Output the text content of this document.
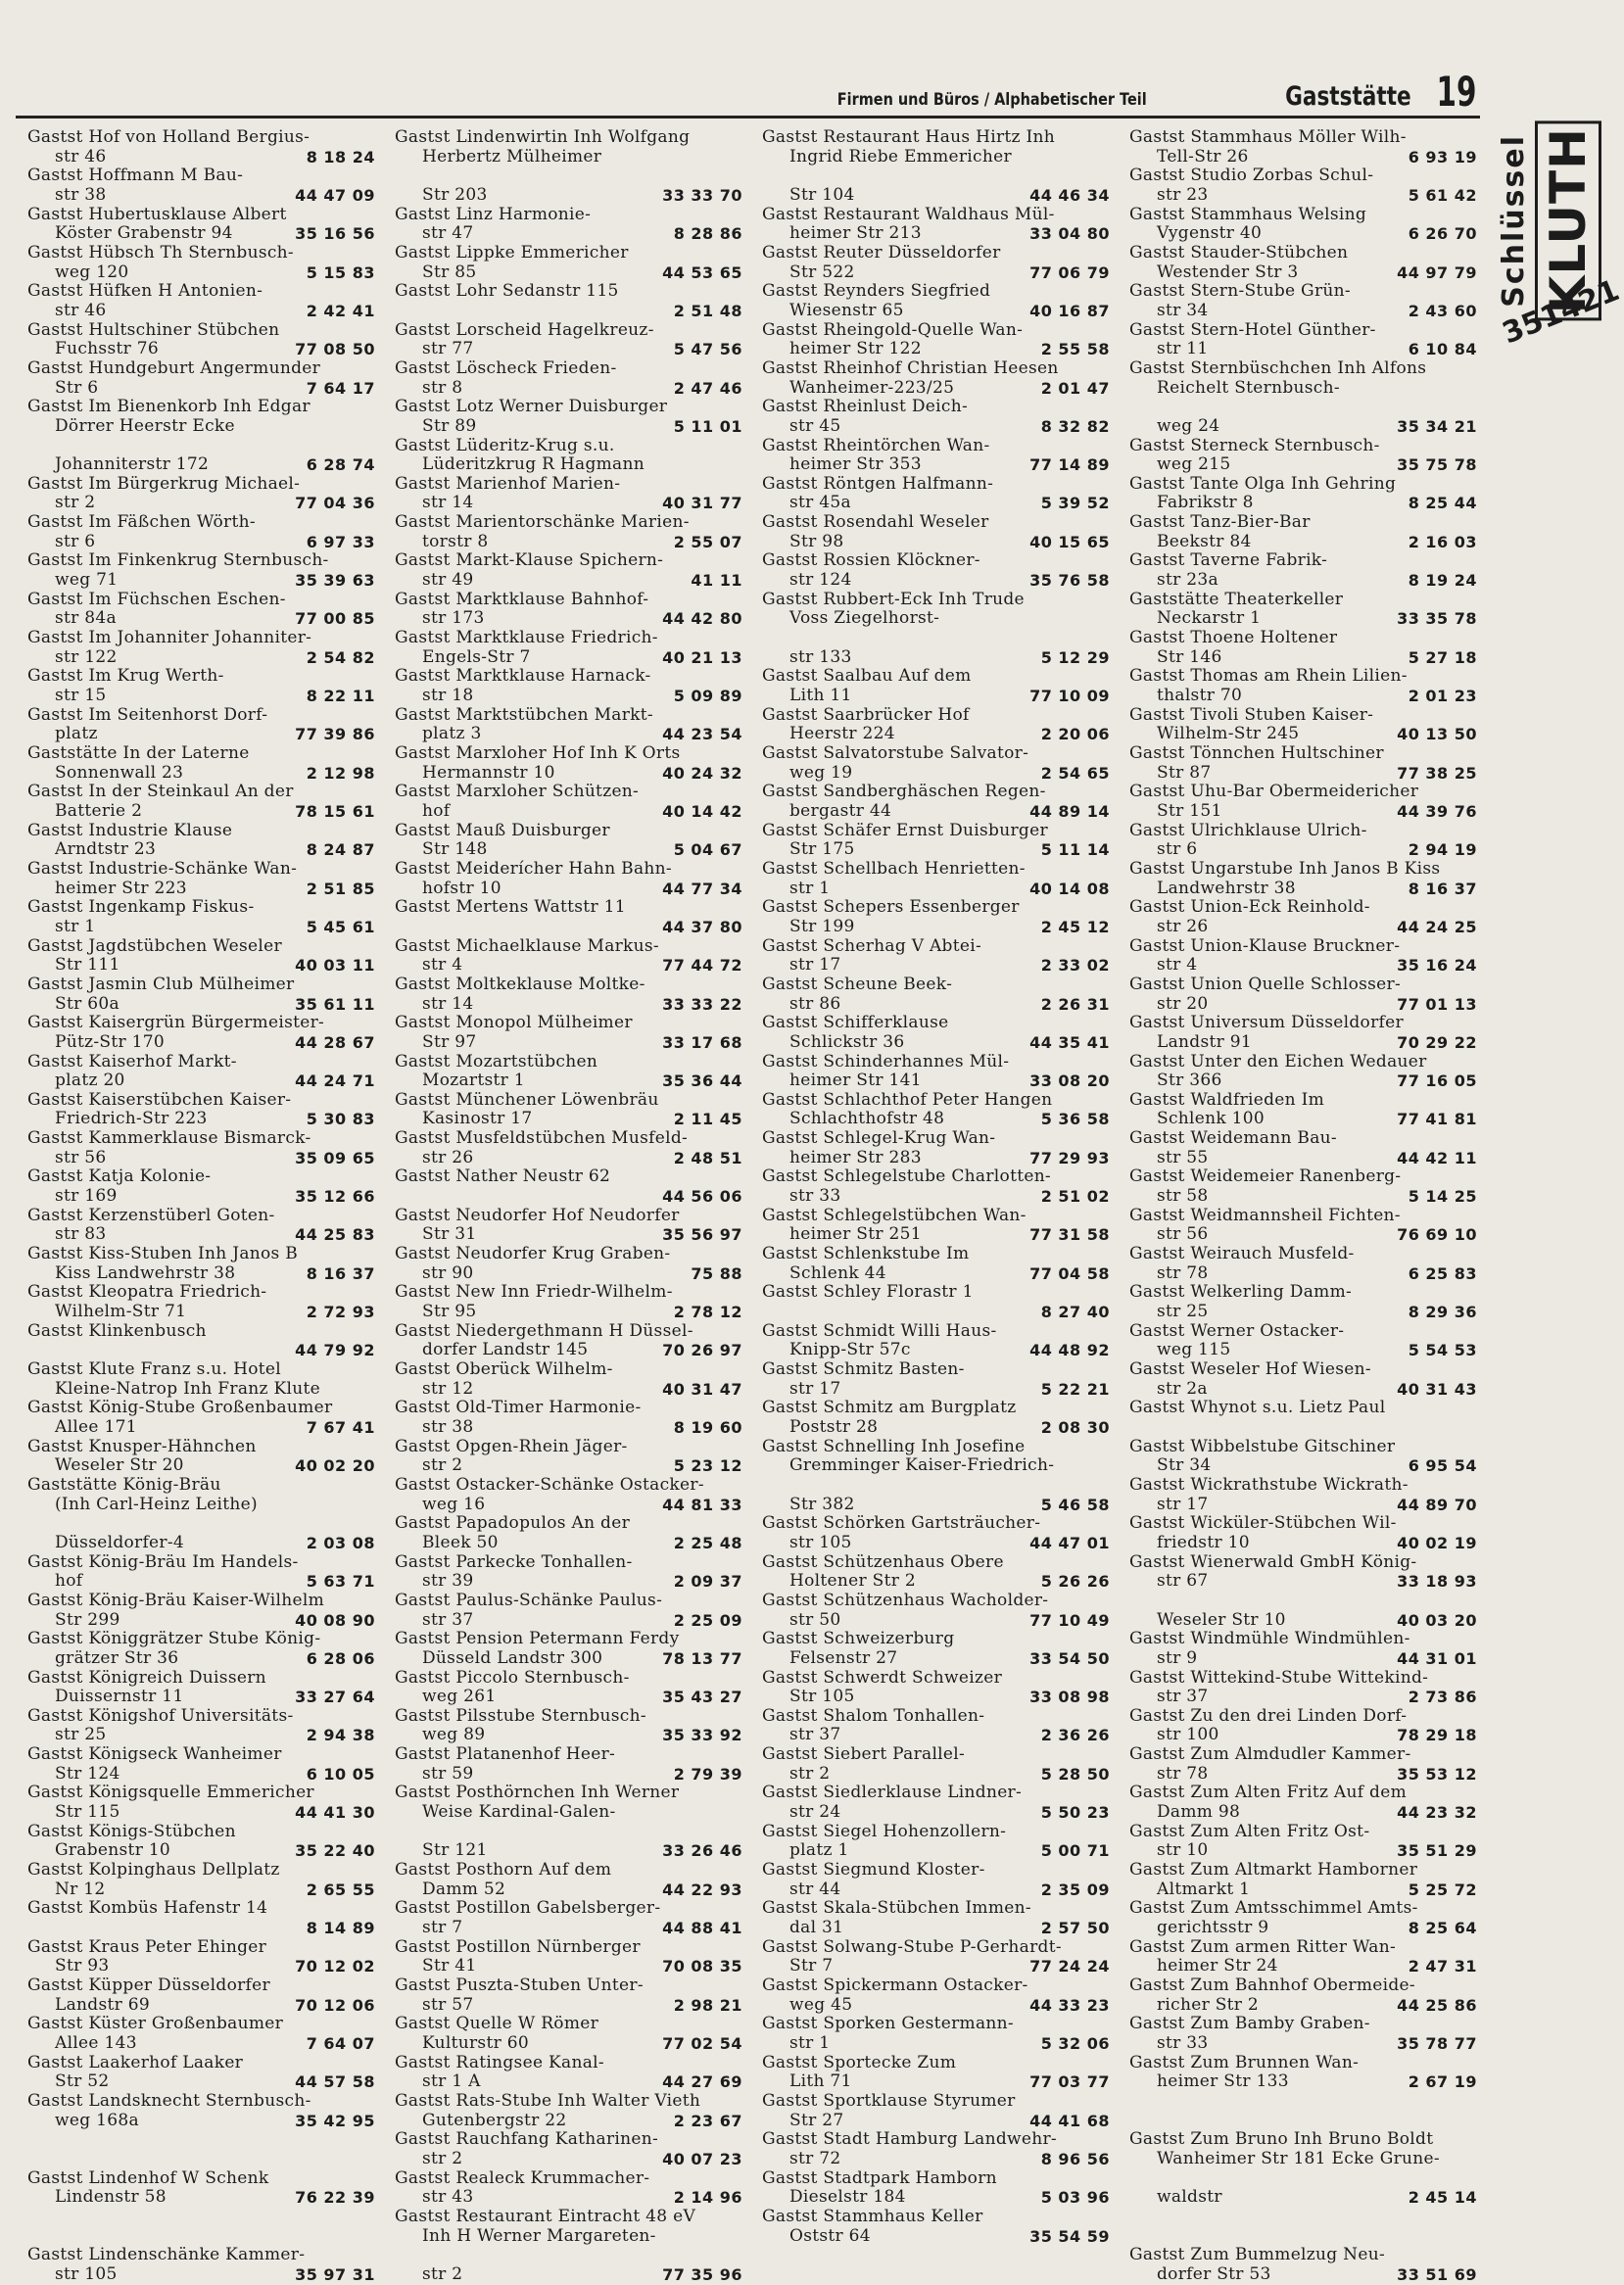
Firmen und Büros / Alphabetischer Teil	Gaststätte 19
Schlüssel KLUTH
351421
Gastst Hof von Holland Bergius-
str 46	8 18 24
Gastst Hoffmann M Bau-
str 38	44 47 09
Gastst Hubertusklause Albert
Köster Grabenstr 94	35 16 56
Gastst Hübsch Th Sternbusch-
weg 120	5 15 83
Gastst Hüfken H Antonien-
str 46	2 42 41
Gastst Hultschiner Stübchen
Fuchsstr 76	77 08 50
Gastst Hundgeburt Angermunder
Str 6	7 64 17
Gastst Im Bienenkorb Inh Edgar
Dörrer Heerstr Ecke

Johanniterstr 172	6 28 74
Gastst Im Bürgerkrug Michael-
str 2	77 04 36
Gastst Im Fäßchen Wörth-
str 6	6 97 33
Gastst Im Finkenkrug Sternbusch-
weg 71	35 39 63
Gastst Im Füchschen Eschen-
str 84a	77 00 85
Gastst Im Johanniter Johanniter-
str 122	2 54 82
Gastst Im Krug Werth-
str 15	8 22 11
Gastst Im Seitenhorst Dorf-
platz	77 39 86
Gaststätte In der Laterne
Sonnenwall 23	2 12 98
Gastst In der Steinkaul An der
Batterie 2	78 15 61
Gastst Industrie Klause
Arndtstr 23	8 24 87
Gastst Industrie-Schänke Wan-
heimer Str 223	2 51 85
Gastst Ingenkamp Fiskus-
str 1	5 45 61
Gastst Jagdstübchen Weseler
Str 111	40 03 11
Gastst Jasmin Club Mülheimer
Str 60a	35 61 11
Gastst Kaisergrün Bürgermeister-
Pütz-Str 170	44 28 67
Gastst Kaiserhof Markt-
platz 20	44 24 71
Gastst Kaiserstübchen Kaiser-
Friedrich-Str 223	5 30 83
Gastst Kammerklause Bismarck-
str 56	35 09 65
Gastst Katja Kolonie-
str 169	35 12 66
Gastst Kerzenstüberl Goten-
str 83	44 25 83
Gastst Kiss-Stuben Inh Janos B
Kiss Landwehrstr 38	8 16 37
Gastst Kleopatra Friedrich-
Wilhelm-Str 71	2 72 93
Gastst Klinkenbusch

44 79 92
Gastst Klute Franz s.u. Hotel
Kleine-Natrop Inh Franz Klute
Gastst König-Stube Großenbaumer
Allee 171	7 67 41
Gastst Knusper-Hähnchen
Weseler Str 20	40 02 20
Gaststätte König-Bräu
(Inh Carl-Heinz Leithe)

Düsseldorfer-4	2 03 08
Gastst König-Bräu Im Handels-
hof	5 63 71
Gastst König-Bräu Kaiser-Wilhelm
Str 299	40 08 90
Gastst Königgrätzer Stube König-
grätzer Str 36	6 28 06
Gastst Königreich Duissern
Duissernstr 11	33 27 64
Gastst Königshof Universitäts-
str 25	2 94 38
Gastst Königseck Wanheimer
Str 124	6 10 05
Gastst Königsquelle Emmericher
Str 115	44 41 30
Gastst Königs-Stübchen
Grabenstr 10	35 22 40
Gastst Kolpinghaus Dellplatz
Nr 12	2 65 55
Gastst Kombüs Hafenstr 14

8 14 89
Gastst Kraus Peter Ehinger
Str 93	70 12 02
Gastst Küpper Düsseldorfer
Landstr 69	70 12 06
Gastst Küster Großenbaumer
Allee 143	7 64 07
Gastst Laakerhof Laaker
Str 52	44 57 58
Gastst Landsknecht Sternbusch-
weg 168a	35 42 95

Gastst Lindenhof W Schenk
Lindenstr 58	76 22 39

Gastst Lindenschänke Kammer-
str 105	35 97 31
Gastst Lindenwirtin Inh Wolfgang
Herbertz Mülheimer

Str 203	33 33 70
Gastst Linz Harmonie-
str 47	8 28 86
Gastst Lippke Emmericher
Str 85	44 53 65
Gastst Lohr Sedanstr 115

2 51 48
Gastst Lorscheid Hagelkreuz-
str 77	5 47 56
Gastst Löscheck Frieden-
str 8	2 47 46
Gastst Lotz Werner Duisburger
Str 89	5 11 01
Gastst Lüderitz-Krug s.u.
Lüderitzkrug R Hagmann
Gastst Marienhof Marien-
str 14	40 31 77
Gastst Marientorschänke Marien-
torstr 8	2 55 07
Gastst Markt-Klause Spichern-
str 49	41 11
Gastst Marktklause Bahnhof-
str 173	44 42 80
Gastst Marktklause Friedrich-
Engels-Str 7	40 21 13
Gastst Marktklause Harnack-
str 18	5 09 89
Gastst Marktstübchen Markt-
platz 3	44 23 54
Gastst Marxloher Hof Inh K Orts
Hermannstr 10	40 24 32
Gastst Marxloher Schützen-
hof	40 14 42
Gastst Mauß Duisburger
Str 148	5 04 67
Gastst Meiderícher Hahn Bahn-
hofstr 10	44 77 34
Gastst Mertens Wattstr 11

44 37 80
Gastst Michaelklause Markus-
str 4	77 44 72
Gastst Moltkeklause Moltke-
str 14	33 33 22
Gastst Monopol Mülheimer
Str 97	33 17 68
Gastst Mozartstübchen
Mozartstr 1	35 36 44
Gastst Münchener Löwenbräu
Kasinostr 17	2 11 45
Gastst Musfeldstübchen Musfeld-
str 26	2 48 51
Gastst Nather Neustr 62

44 56 06
Gastst Neudorfer Hof Neudorfer
Str 31	35 56 97
Gastst Neudorfer Krug Graben-
str 90	75 88
Gastst New Inn Friedr-Wilhelm-
Str 95	2 78 12
Gastst Niedergethmann H Düssel-
dorfer Landstr 145	70 26 97
Gastst Oberück Wilhelm-
str 12	40 31 47
Gastst Old-Timer Harmonie-
str 38	8 19 60
Gastst Opgen-Rhein Jäger-
str 2	5 23 12
Gastst Ostacker-Schänke Ostacker-
weg 16	44 81 33
Gastst Papadopulos An der
Bleek 50	2 25 48
Gastst Parkecke Tonhallen-
str 39	2 09 37
Gastst Paulus-Schänke Paulus-
str 37	2 25 09
Gastst Pension Petermann Ferdy
Düsseld Landstr 300	78 13 77
Gastst Piccolo Sternbusch-
weg 261	35 43 27
Gastst Pilsstube Sternbusch-
weg 89	35 33 92
Gastst Platanenhof Heer-
str 59	2 79 39
Gastst Posthörnchen Inh Werner
Weise Kardinal-Galen-

Str 121	33 26 46
Gastst Posthorn Auf dem
Damm 52	44 22 93
Gastst Postillon Gabelsberger-
str 7	44 88 41
Gastst Postillon Nürnberger
Str 41	70 08 35
Gastst Puszta-Stuben Unter-
str 57	2 98 21
Gastst Quelle W Römer
Kulturstr 60	77 02 54
Gastst Ratingsee Kanal-
str 1 A	44 27 69
Gastst Rats-Stube Inh Walter Vieth
Gutenbergstr 22	2 23 67
Gastst Rauchfang Katharinen-
str 2	40 07 23
Gastst Realeck Krummacher-
str 43	2 14 96
Gastst Restaurant Eintracht 48 eV
Inh H Werner Margareten-

str 2	77 35 96
Gastst Restaurant Haus Hirtz Inh
Ingrid Riebe Emmericher

Str 104	44 46 34
Gastst Restaurant Waldhaus Mül-
heimer Str 213	33 04 80
Gastst Reuter Düsseldorfer
Str 522	77 06 79
Gastst Reynders Siegfried
Wiesenstr 65	40 16 87
Gastst Rheingold-Quelle Wan-
heimer Str 122	2 55 58
Gastst Rheinhof Christian Heesen
Wanheimer-223/25	2 01 47
Gastst Rheinlust Deich-
str 45	8 32 82
Gastst Rheintörchen Wan-
heimer Str 353	77 14 89
Gastst Röntgen Halfmann-
str 45a	5 39 52
Gastst Rosendahl Weseler
Str 98	40 15 65
Gastst Rossien Klöckner-
str 124	35 76 58
Gastst Rubbert-Eck Inh Trude
Voss Ziegelhorst-

str 133	5 12 29
Gastst Saalbau Auf dem
Lith 11	77 10 09
Gastst Saarbrücker Hof
Heerstr 224	2 20 06
Gastst Salvatorstube Salvator-
weg 19	2 54 65
Gastst Sandberghäschen Regen-
bergastr 44	44 89 14
Gastst Schäfer Ernst Duisburger
Str 175	5 11 14
Gastst Schellbach Henrietten-
str 1	40 14 08
Gastst Schepers Essenberger
Str 199	2 45 12
Gastst Scherhag V Abtei-
str 17	2 33 02
Gastst Scheune Beek-
str 86	2 26 31
Gastst Schifferklause
Schlickstr 36	44 35 41
Gastst Schinderhannes Mül-
heimer Str 141	33 08 20
Gastst Schlachthof Peter Hangen
Schlachthofstr 48	5 36 58
Gastst Schlegel-Krug Wan-
heimer Str 283	77 29 93
Gastst Schlegelstube Charlotten-
str 33	2 51 02
Gastst Schlegelstübchen Wan-
heimer Str 251	77 31 58
Gastst Schlenkstube Im
Schlenk 44	77 04 58
Gastst Schley Florastr 1

8 27 40
Gastst Schmidt Willi Haus-
Knipp-Str 57c	44 48 92
Gastst Schmitz Basten-
str 17	5 22 21
Gastst Schmitz am Burgplatz
Poststr 28	2 08 30
Gastst Schnelling Inh Josefine
Gremminger Kaiser-Friedrich-

Str 382	5 46 58
Gastst Schörken Gartsträucher-
str 105	44 47 01
Gastst Schützenhaus Obere
Holtener Str 2	5 26 26
Gastst Schützenhaus Wacholder-
str 50	77 10 49
Gastst Schweizerburg
Felsenstr 27	33 54 50
Gastst Schwerdt Schweizer
Str 105	33 08 98
Gastst Shalom Tonhallen-
str 37	2 36 26
Gastst Siebert Parallel-
str 2	5 28 50
Gastst Siedlerklause Lindner-
str 24	5 50 23
Gastst Siegel Hohenzollern-
platz 1	5 00 71
Gastst Siegmund Kloster-
str 44	2 35 09
Gastst Skala-Stübchen Immen-
dal 31	2 57 50
Gastst Solwang-Stube P-Gerhardt-
Str 7	77 24 24
Gastst Spickermann Ostacker-
weg 45	44 33 23
Gastst Sporken Gestermann-
str 1	5 32 06
Gastst Sportecke Zum
Lith 71	77 03 77
Gastst Sportklause Styrumer
Str 27	44 41 68
Gastst Stadt Hamburg Landwehr-
str 72	8 96 56
Gastst Stadtpark Hamborn
Dieselstr 184	5 03 96
Gastst Stammhaus Keller
Oststr 64	35 54 59
Gastst Stammhaus Möller Wilh-
Tell-Str 26	6 93 19
Gastst Studio Zorbas Schul-
str 23	5 61 42
Gastst Stammhaus Welsing
Vygenstr 40	6 26 70
Gastst Stauder-Stübchen
Westender Str 3	44 97 79
Gastst Stern-Stube Grün-
str 34	2 43 60
Gastst Stern-Hotel Günther-
str 11	6 10 84
Gastst Sternbüschchen Inh Alfons
Reichelt Sternbusch-

weg 24	35 34 21
Gastst Sterneck Sternbusch-
weg 215	35 75 78
Gastst Tante Olga Inh Gehring
Fabrikstr 8	8 25 44
Gastst Tanz-Bier-Bar
Beekstr 84	2 16 03
Gastst Taverne Fabrik-
str 23a	8 19 24
Gaststätte Theaterkeller
Neckarstr 1	33 35 78
Gastst Thoene Holtener
Str 146	5 27 18
Gastst Thomas am Rhein Lilien-
thalstr 70	2 01 23
Gastst Tivoli Stuben Kaiser-
Wilhelm-Str 245	40 13 50
Gastst Tönnchen Hultschiner
Str 87	77 38 25
Gastst Uhu-Bar Obermeidericher
Str 151	44 39 76
Gastst Ulrichklause Ulrich-
str 6	2 94 19
Gastst Ungarstube Inh Janos B Kiss
Landwehrstr 38	8 16 37
Gastst Union-Eck Reinhold-
str 26	44 24 25
Gastst Union-Klause Bruckner-
str 4	35 16 24
Gastst Union Quelle Schlosser-
str 20	77 01 13
Gastst Universum Düsseldorfer
Landstr 91	70 29 22
Gastst Unter den Eichen Wedauer
Str 366	77 16 05
Gastst Waldfrieden Im
Schlenk 100	77 41 81
Gastst Weidemann Bau-
str 55	44 42 11
Gastst Weidemeier Ranenberg-
str 58	5 14 25
Gastst Weidmannsheil Fichten-
str 56	76 69 10
Gastst Weirauch Musfeld-
str 78	6 25 83
Gastst Welkerling Damm-
str 25	8 29 36
Gastst Werner Ostacker-
weg 115	5 54 53
Gastst Weseler Hof Wiesen-
str 2a	40 31 43
Gastst Whynot s.u. Lietz Paul

Gastst Wibbelstube Gitschiner
Str 34	6 95 54
Gastst Wickrathstube Wickrath-
str 17	44 89 70
Gastst Wicküler-Stübchen Wil-
friedstr 10	40 02 19
Gastst Wienerwald GmbH König-
str 67	33 18 93

Weseler Str 10	40 03 20
Gastst Windmühle Windmühlen-
str 9	44 31 01
Gastst Wittekind-Stube Wittekind-
str 37	2 73 86
Gastst Zu den drei Linden Dorf-
str 100	78 29 18
Gastst Zum Almdudler Kammer-
str 78	35 53 12
Gastst Zum Alten Fritz Auf dem
Damm 98	44 23 32
Gastst Zum Alten Fritz Ost-
str 10	35 51 29
Gastst Zum Altmarkt Hamborner
Altmarkt 1	5 25 72
Gastst Zum Amtsschimmel Amts-
gerichtsstr 9	8 25 64
Gastst Zum armen Ritter Wan-
heimer Str 24	2 47 31
Gastst Zum Bahnhof Obermeide-
richer Str 2	44 25 86
Gastst Zum Bamby Graben-
str 33	35 78 77
Gastst Zum Brunnen Wan-
heimer Str 133	2 67 19

Gastst Zum Bruno Inh Bruno Boldt
Wanheimer Str 181 Ecke Grune-

waldstr	2 45 14

Gastst Zum Bummelzug Neu-
dorfer Str 53	33 51 69
